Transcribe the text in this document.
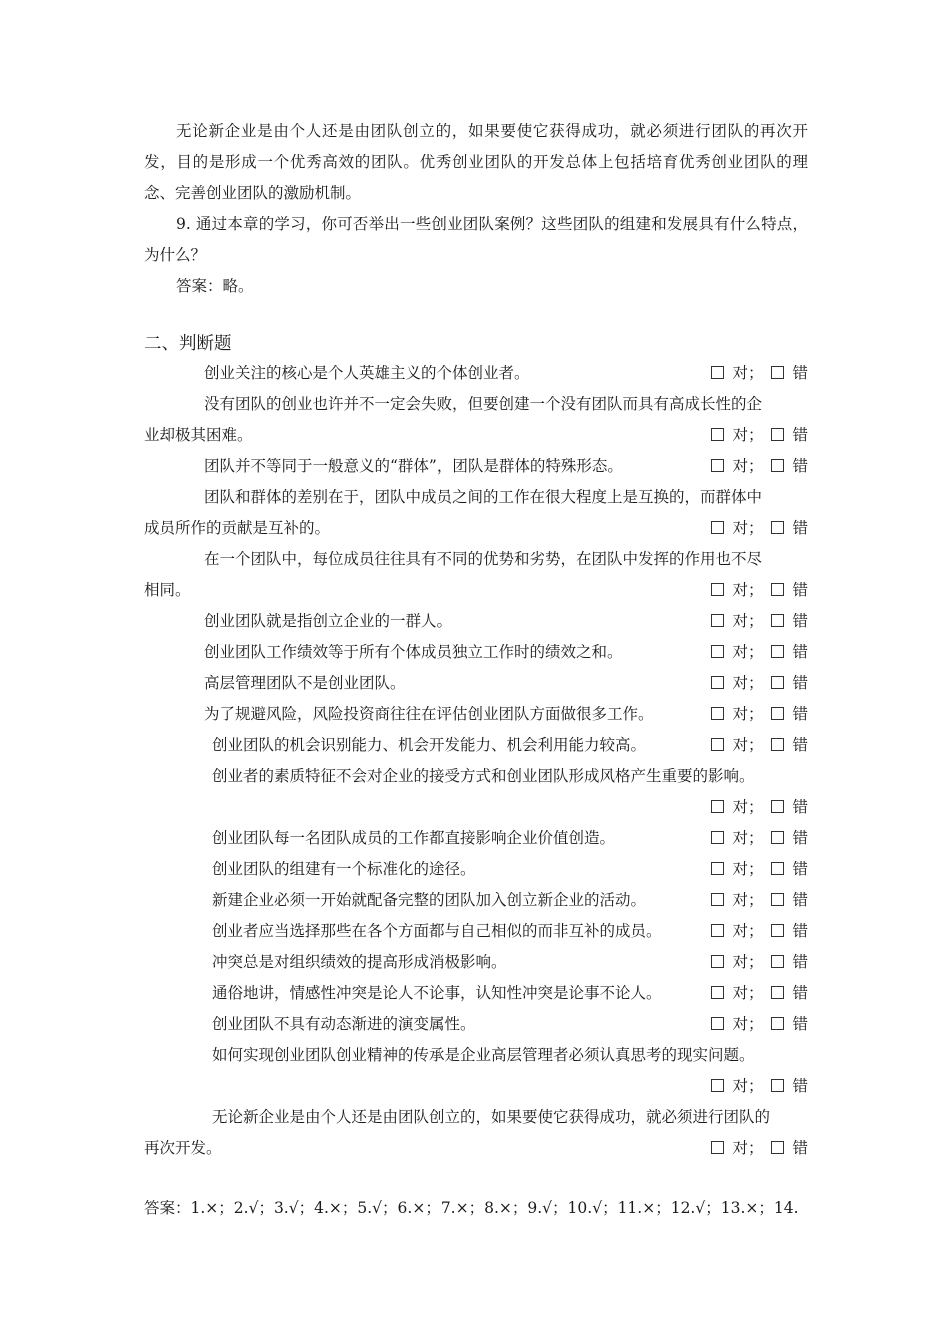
无论新企业是由个人还是由团队创立的，如果要使它获得成功，就必须进行团队的再次开发，目的是形成一个优秀高效的团队。优秀创业团队的开发总体上包括培育优秀创业团队的理念、完善创业团队的激励机制。

9. 通过本章的学习，你可否举出一些创业团队案例？这些团队的组建和发展具有什么特点，为什么？

答案：略。

二、判断题
创业关注的核心是个人英雄主义的个体创业者。	对； 错
没有团队的创业也许并不一定会失败，但要创建一个没有团队而具有高成长性的企
业却极其困难。	对； 错
团队并不等同于一般意义的“群体”，团队是群体的特殊形态。	对； 错
团队和群体的差别在于，团队中成员之间的工作在很大程度上是互换的，而群体中
成员所作的贡献是互补的。	对； 错
在一个团队中，每位成员往往具有不同的优势和劣势，在团队中发挥的作用也不尽
相同。	对； 错
创业团队就是指创立企业的一群人。	对； 错
创业团队工作绩效等于所有个体成员独立工作时的绩效之和。	对； 错
高层管理团队不是创业团队。	对； 错
为了规避风险，风险投资商往往在评估创业团队方面做很多工作。	对； 错
创业团队的机会识别能力、机会开发能力、机会利用能力较高。	对； 错
创业者的素质特征不会对企业的接受方式和创业团队形成风格产生重要的影响。
对； 错
创业团队每一名团队成员的工作都直接影响企业价值创造。	对； 错
创业团队的组建有一个标准化的途径。	对； 错
新建企业必须一开始就配备完整的团队加入创立新企业的活动。	对； 错
创业者应当选择那些在各个方面都与自己相似的而非互补的成员。	对； 错
冲突总是对组织绩效的提高形成消极影响。	对； 错
通俗地讲，情感性冲突是论人不论事，认知性冲突是论事不论人。	对； 错
创业团队不具有动态渐进的演变属性。	对； 错
如何实现创业团队创业精神的传承是企业高层管理者必须认真思考的现实问题。
对； 错
无论新企业是由个人还是由团队创立的，如果要使它获得成功，就必须进行团队的
再次开发。	对； 错

答案：1.×；2.√；3.√；4.×；5.√；6.×；7.×；8.×；9.√；10.√；11.×；12.√；13.×；14.
